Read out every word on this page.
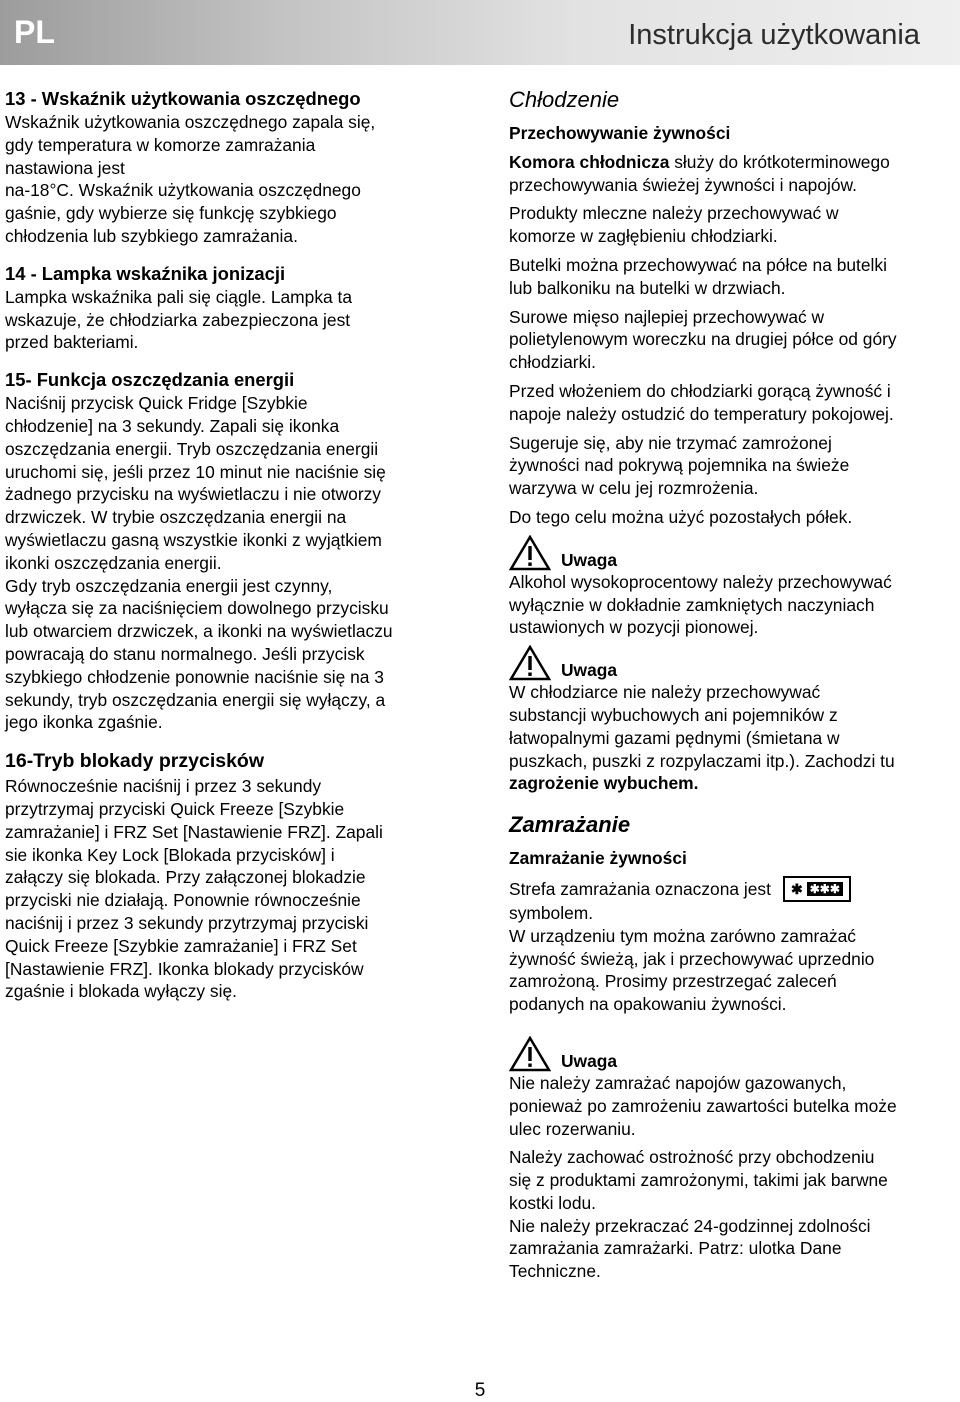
PL	Instrukcja użytkowania

13 - Wskaźnik użytkowania oszczędnego

Wskaźnik użytkowania oszczędnego zapala się,

gdy temperatura w komorze zamrażania

nastawiona jest

na-18°C. Wskaźnik użytkowania oszczędnego

gaśnie, gdy wybierze się funkcję szybkiego

chłodzenia lub szybkiego zamrażania.

14 - Lampka wskaźnika jonizacji

Lampka wskaźnika pali się ciągle. Lampka ta

wskazuje, że chłodziarka zabezpieczona jest

przed bakteriami.

15- Funkcja oszczędzania energii

Naciśnij przycisk Quick Fridge [Szybkie

chłodzenie] na 3 sekundy. Zapali się ikonka

oszczędzania energii. Tryb oszczędzania energii

uruchomi się, jeśli przez 10 minut nie naciśnie się

żadnego przycisku na wyświetlaczu i nie otworzy

drzwiczek. W trybie oszczędzania energii na

wyświetlaczu gasną wszystkie ikonki z wyjątkiem

ikonki oszczędzania energii.

Gdy tryb oszczędzania energii jest czynny,

wyłącza się za naciśnięciem dowolnego przycisku

lub otwarciem drzwiczek, a ikonki na wyświetlaczu

powracają do stanu normalnego. Jeśli przycisk

szybkiego chłodzenie ponownie naciśnie się na 3

sekundy, tryb oszczędzania energii się wyłączy, a

jego ikonka zgaśnie.

16-Tryb blokady przycisków

Równocześnie naciśnij i przez 3 sekundy

przytrzymaj przyciski Quick Freeze [Szybkie

zamrażanie] i FRZ Set [Nastawienie FRZ]. Zapali

sie ikonka Key Lock [Blokada przycisków] i

załączy się blokada. Przy załączonej blokadzie

przyciski nie działają. Ponownie równocześnie

naciśnij i przez 3 sekundy przytrzymaj przyciski

Quick Freeze [Szybkie zamrażanie] i FRZ Set

[Nastawienie FRZ]. Ikonka blokady przycisków

zgaśnie i blokada wyłączy się.

Chłodzenie

Przechowywanie żywności

Komora chłodnicza służy do krótkoterminowego

przechowywania świeżej żywności i napojów.

Produkty mleczne należy przechowywać w

komorze w zagłębieniu chłodziarki.

Butelki można przechowywać na półce na butelki

lub balkoniku na butelki w drzwiach.

Surowe mięso najlepiej przechowywać w

polietylenowym woreczku na drugiej półce od góry

chłodziarki.

Przed włożeniem do chłodziarki gorącą żywność i

napoje należy ostudzić do temperatury pokojowej.

Sugeruje się, aby nie trzymać zamrożonej

żywności nad pokrywą pojemnika na świeże

warzywa w celu jej rozmrożenia.

Do tego celu można użyć pozostałych półek.

Uwaga

Alkohol wysokoprocentowy należy przechowywać

wyłącznie w dokładnie zamkniętych naczyniach

ustawionych w pozycji pionowej.

Uwaga

W chłodziarce nie należy przechowywać

substancji wybuchowych ani pojemników z

łatwopalnymi gazami pędnymi (śmietana w

puszkach, puszki z rozpylaczami itp.). Zachodzi tu

zagrożenie wybuchem.

Zamrażanie

Zamrażanie żywności

Strefa zamrażania oznaczona jest ✱ ✱✱✱

symbolem.

W urządzeniu tym można zarówno zamrażać

żywność świeżą, jak i przechowywać uprzednio

zamrożoną. Prosimy przestrzegać zaleceń

podanych na opakowaniu żywności.

Uwaga

Nie należy zamrażać napojów gazowanych,

ponieważ po zamrożeniu zawartości butelka może

ulec rozerwaniu.

Należy zachować ostrożność przy obchodzeniu

się z produktami zamrożonymi, takimi jak barwne

kostki lodu.

Nie należy przekraczać 24-godzinnej zdolności

zamrażania zamrażarki. Patrz: ulotka Dane

Techniczne.

5
